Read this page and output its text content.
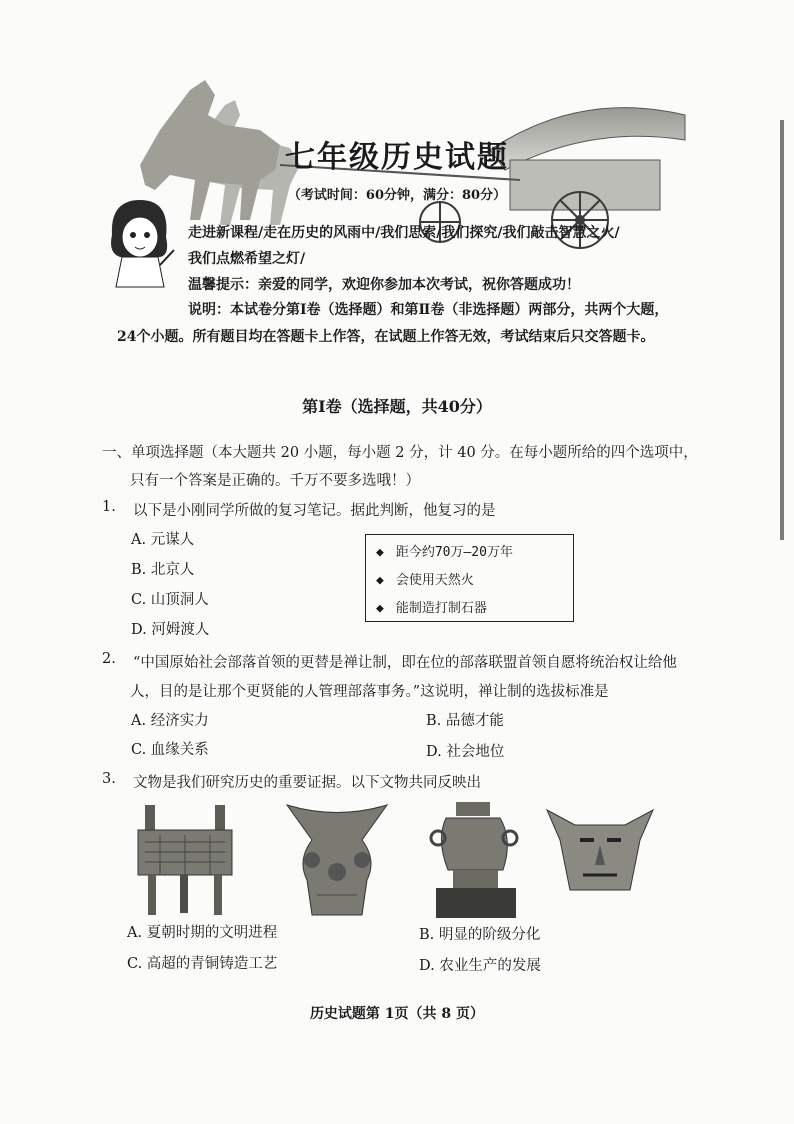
七年级历史试题
（考试时间：60分钟，满分：80分）
走进新课程/走在历史的风雨中/我们思索/我们探究/我们敲击智慧之火/
我们点燃希望之灯/
温馨提示：亲爱的同学，欢迎你参加本次考试，祝你答题成功！
说明：本试卷分第Ⅰ卷（选择题）和第Ⅱ卷（非选择题）两部分，共两个大题，
24个小题。所有题目均在答题卡上作答，在试题上作答无效，考试结束后只交答题卡。
第Ⅰ卷（选择题，共40分）
一、单项选择题（本大题共 20 小题，每小题 2 分，计 40 分。在每小题所给的四个选项中，
只有一个答案是正确的。千万不要多选哦！）
1. 以下是小刚同学所做的复习笔记。据此判断，他复习的是
A. 元谋人
B. 北京人
C. 山顶洞人
D. 河姆渡人
◆ 距今约70万—20万年
◆ 会使用天然火
◆ 能制造打制石器
2. “中国原始社会部落首领的更替是禅让制，即在位的部落联盟首领自愿将统治权让给他
人，目的是让那个更贤能的人管理部落事务。”这说明，禅让制的选拔标准是
A. 经济实力	B. 品德才能
C. 血缘关系	D. 社会地位
3. 文物是我们研究历史的重要证据。以下文物共同反映出
A. 夏朝时期的文明进程	B. 明显的阶级分化
C. 高超的青铜铸造工艺	D. 农业生产的发展
历史试题第 1页（共 8 页）
